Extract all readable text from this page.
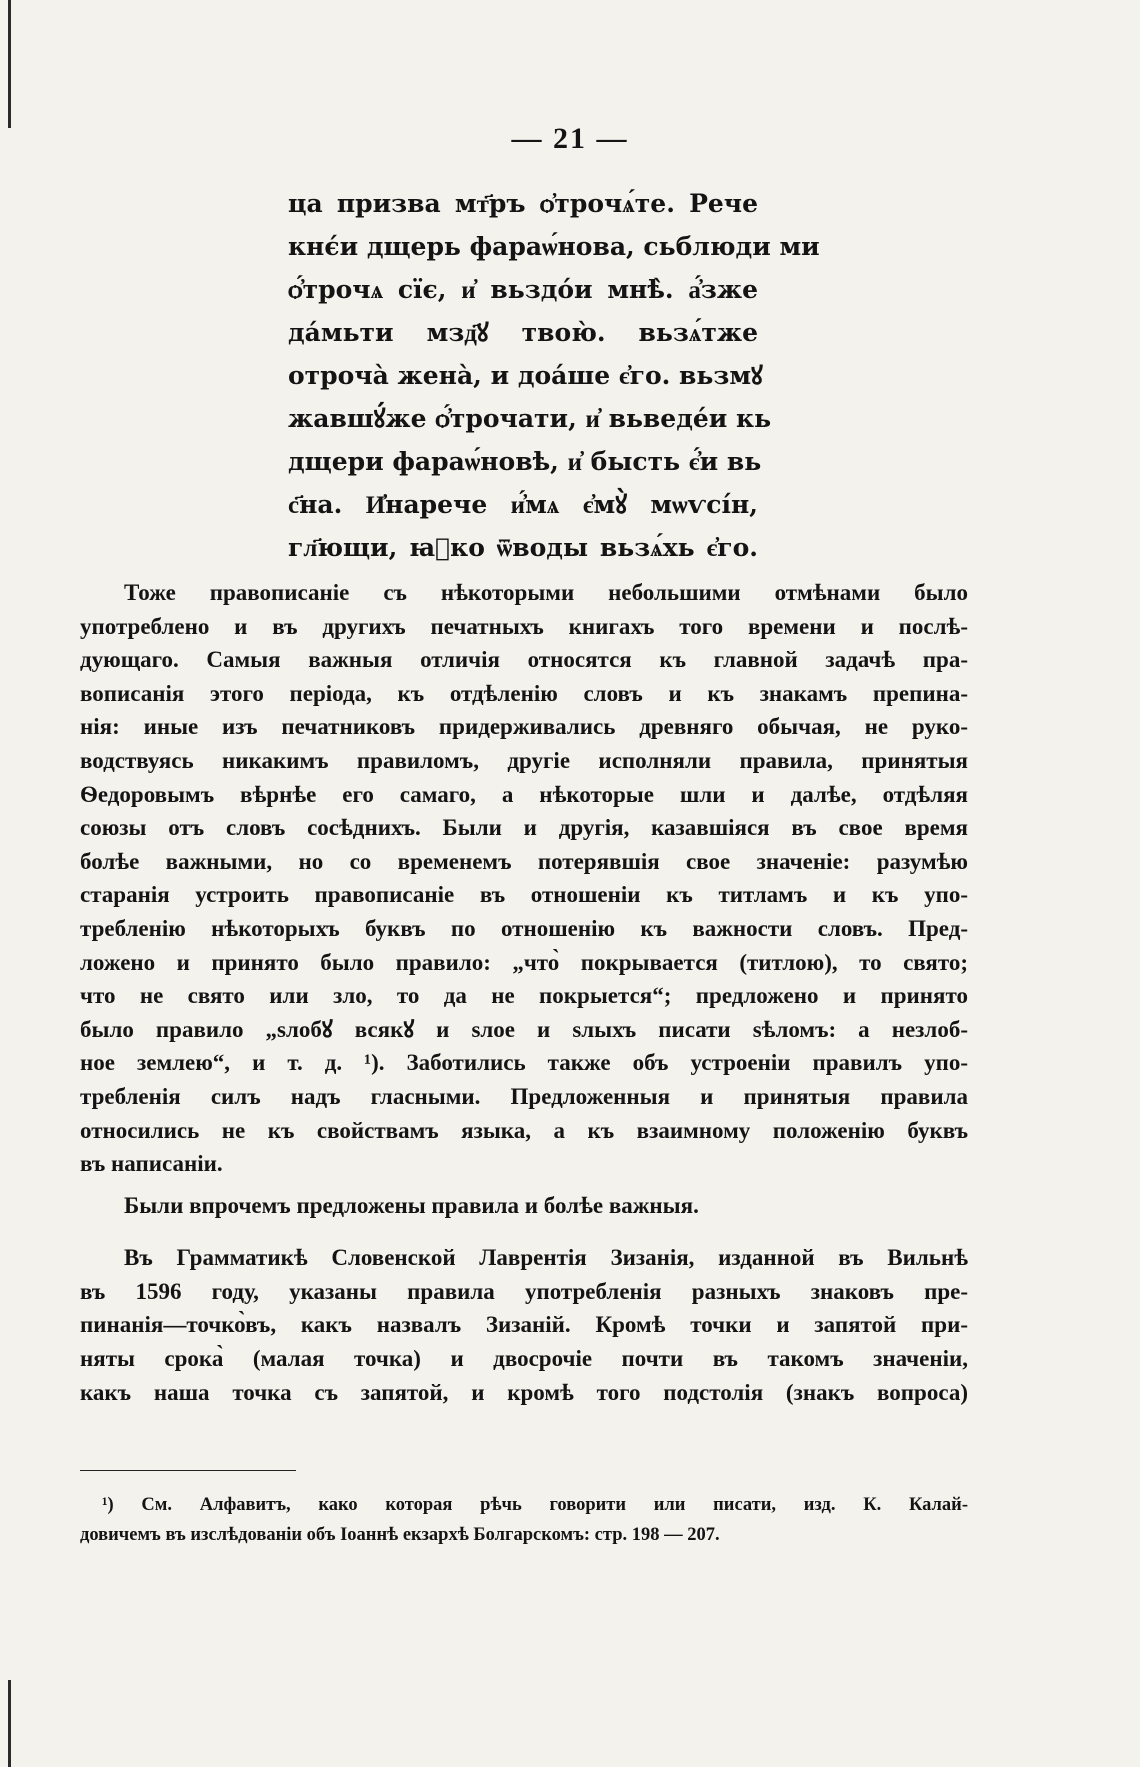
— 21 —
ца призва мт҃ръ ѻ҆трочѧ́те. Рече
кнє́и дщерь фараѡ́нова, сьблюди ми
ѻ҆́трочѧ сїє, и҆ вьздо́и мнѣ̀. а҆́зже
да́мьти мзд҃ꙋ твою̀. вьзѧ́тже
отроча̀ жена̀, и доа́ше є҆го. вьзмꙋ
жавшꙋ́же ѻ҆́трочати, и҆ вьведе́и кь
дщери фараѡ́новѣ, и҆ бысть є҆́и вь
с҃на. И҆нарече и҆́мѧ є҆мꙋ̀ мѡѵсі́н,
гл҃ющи, ꙗ҆ко ѿводы вьзѧ́хь є҆го.
Тоже правописаніе съ нѣкоторыми небольшими отмѣнами было
употреблено и въ другихъ печатныхъ книгахъ того времени и послѣ-
дующаго. Самыя важныя отличія относятся къ главной задачѣ пра-
вописанія этого періода, къ отдѣленію словъ и къ знакамъ препина-
нія: иные изъ печатниковъ придерживались древняго обычая, не руко-
водствуясь никакимъ правиломъ, другіе исполняли правила, принятыя
Ѳедоровымъ вѣрнѣе его самаго, а нѣкоторые шли и далѣе, отдѣляя
союзы отъ словъ сосѣднихъ. Были и другія, казавшіяся въ свое время
болѣе важными, но со временемъ потерявшія свое значеніе: разумѣю
старанія устроить правописаніе въ отношеніи къ титламъ и къ упо-
требленію нѣкоторыхъ буквъ по отношенію къ важности словъ. Пред-
ложено и принято было правило: „что̀ покрывается (титлою), то свято;
что не свято или зло, то да не покрыется“; предложено и принято
было правило „ѕлобꙋ всякꙋ и ѕлое и ѕлыхъ писати ѕѣломъ: а незлоб-
ное землею“, и т. д. ¹). Заботились также объ устроеніи правилъ упо-
требленія силъ надъ гласными. Предложенныя и принятыя правила
относились не къ свойствамъ языка, а къ взаимному положенію буквъ
въ написаніи.
Были впрочемъ предложены правила и болѣе важныя.
Въ Грамматикѣ Словенской Лаврентія Зизанія, изданной въ Вильнѣ
въ 1596 году, указаны правила употребленія разныхъ знаковъ пре-
пинанія—точко̀въ, какъ назвалъ Зизаній. Кромѣ точки и запятой при-
няты срока̀ (малая точка) и двосрочіе почти въ такомъ значеніи,
какъ наша точка съ запятой, и кромѣ того подстолія (знакъ вопроса)
¹) См. Алфавитъ, како которая рѣчь говорити или писати, изд. К. Калай-
довичемъ въ изслѣдованіи объ Іоаннѣ екзархѣ Болгарскомъ: стр. 198 — 207.
